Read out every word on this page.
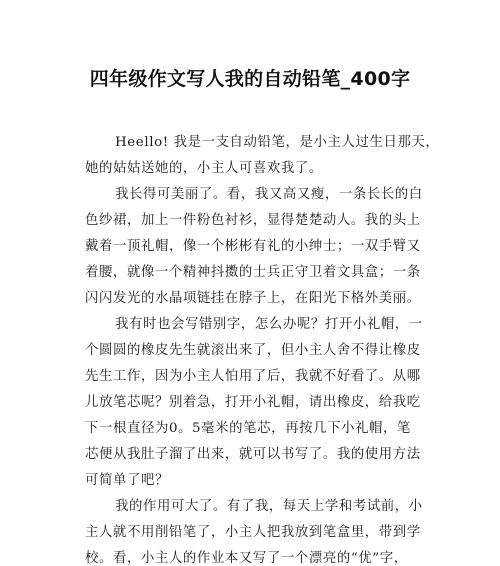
四年级作文写人我的自动铅笔_400字
Heello! 我是一支自动铅笔，是小主人过生日那天，
她的姑姑送她的，小主人可喜欢我了。
我长得可美丽了。看，我又高又瘦，一条长长的白
色纱裙，加上一件粉色衬衫，显得楚楚动人。我的头上
戴着一顶礼帽，像一个彬彬有礼的小绅士；一双手臂又
着腰，就像一个精神抖擞的士兵正守卫着文具盒；一条
闪闪发光的水晶项链挂在脖子上，在阳光下格外美丽。
我有时也会写错别字，怎么办呢？打开小礼帽，一
个圆圆的橡皮先生就滚出来了，但小主人舍不得让橡皮
先生工作，因为小主人怕用了后，我就不好看了。从哪
儿放笔芯呢？别着急，打开小礼帽，请出橡皮，给我吃
下一根直径为0。5毫米的笔芯，再按几下小礼帽，笔
芯便从我肚子溜了出来，就可以书写了。我的使用方法
可简单了吧？
我的作用可大了。有了我，每天上学和考试前，小
主人就不用削铅笔了，小主人把我放到笔盒里，带到学
校。看，小主人的作业本又写了一个漂亮的“优”字，
